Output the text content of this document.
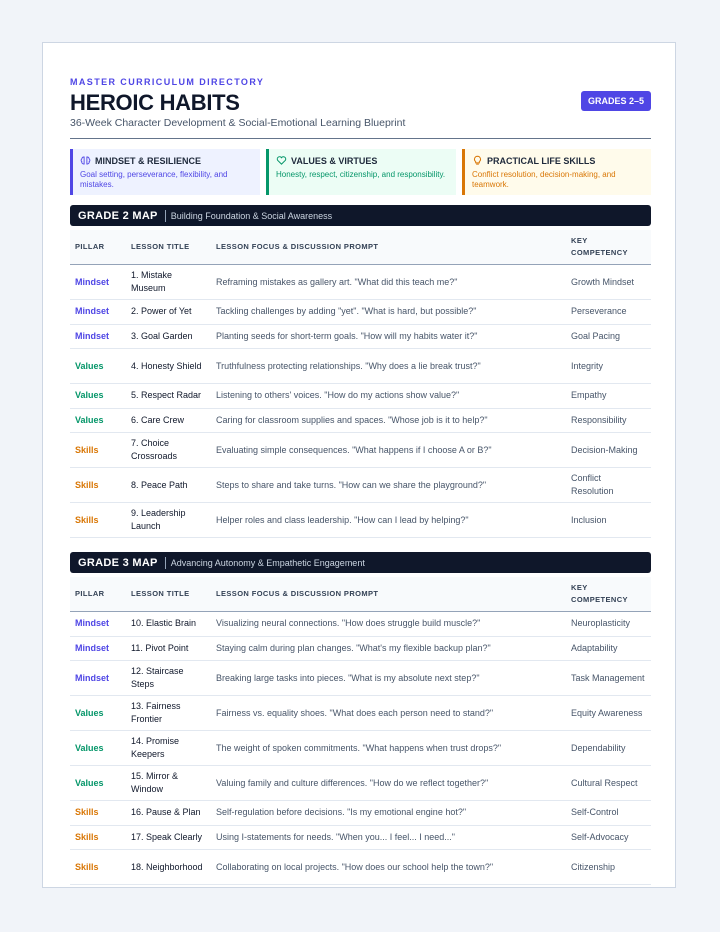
MASTER CURRICULUM DIRECTORY
HEROIC HABITS
36-Week Character Development & Social-Emotional Learning Blueprint
GRADES 2–5
MINDSET & RESILIENCE
Goal setting, perseverance, flexibility, and mistakes.
VALUES & VIRTUES
Honesty, respect, citizenship, and responsibility.
PRACTICAL LIFE SKILLS
Conflict resolution, decision-making, and teamwork.
GRADE 2 MAP Building Foundation & Social Awareness
PILLAR	LESSON TITLE	LESSON FOCUS & DISCUSSION PROMPT	KEY COMPETENCY
Mindset	1. Mistake Museum	Reframing mistakes as gallery art. "What did this teach me?"	Growth Mindset
Mindset	2. Power of Yet	Tackling challenges by adding "yet". "What is hard, but possible?"	Perseverance
Mindset	3. Goal Garden	Planting seeds for short-term goals. "How will my habits water it?"	Goal Pacing
Values	4. Honesty Shield	Truthfulness protecting relationships. "Why does a lie break trust?"	Integrity
Values	5. Respect Radar	Listening to others' voices. "How do my actions show value?"	Empathy
Values	6. Care Crew	Caring for classroom supplies and spaces. "Whose job is it to help?"	Responsibility
Skills	7. Choice Crossroads	Evaluating simple consequences. "What happens if I choose A or B?"	Decision-Making
Skills	8. Peace Path	Steps to share and take turns. "How can we share the playground?"	Conflict Resolution
Skills	9. Leadership Launch	Helper roles and class leadership. "How can I lead by helping?"	Inclusion
GRADE 3 MAP Advancing Autonomy & Empathetic Engagement
PILLAR	LESSON TITLE	LESSON FOCUS & DISCUSSION PROMPT	KEY COMPETENCY
Mindset	10. Elastic Brain	Visualizing neural connections. "How does struggle build muscle?"	Neuroplasticity
Mindset	11. Pivot Point	Staying calm during plan changes. "What's my flexible backup plan?"	Adaptability
Mindset	12. Staircase Steps	Breaking large tasks into pieces. "What is my absolute next step?"	Task Management
Values	13. Fairness Frontier	Fairness vs. equality shoes. "What does each person need to stand?"	Equity Awareness
Values	14. Promise Keepers	The weight of spoken commitments. "What happens when trust drops?"	Dependability
Values	15. Mirror & Window	Valuing family and culture differences. "How do we reflect together?"	Cultural Respect
Skills	16. Pause & Plan	Self-regulation before decisions. "Is my emotional engine hot?"	Self-Control
Skills	17. Speak Clearly	Using I-statements for needs. "When you... I feel... I need..."	Self-Advocacy
Skills	18. Neighborhood	Collaborating on local projects. "How does our school help the town?"	Citizenship
